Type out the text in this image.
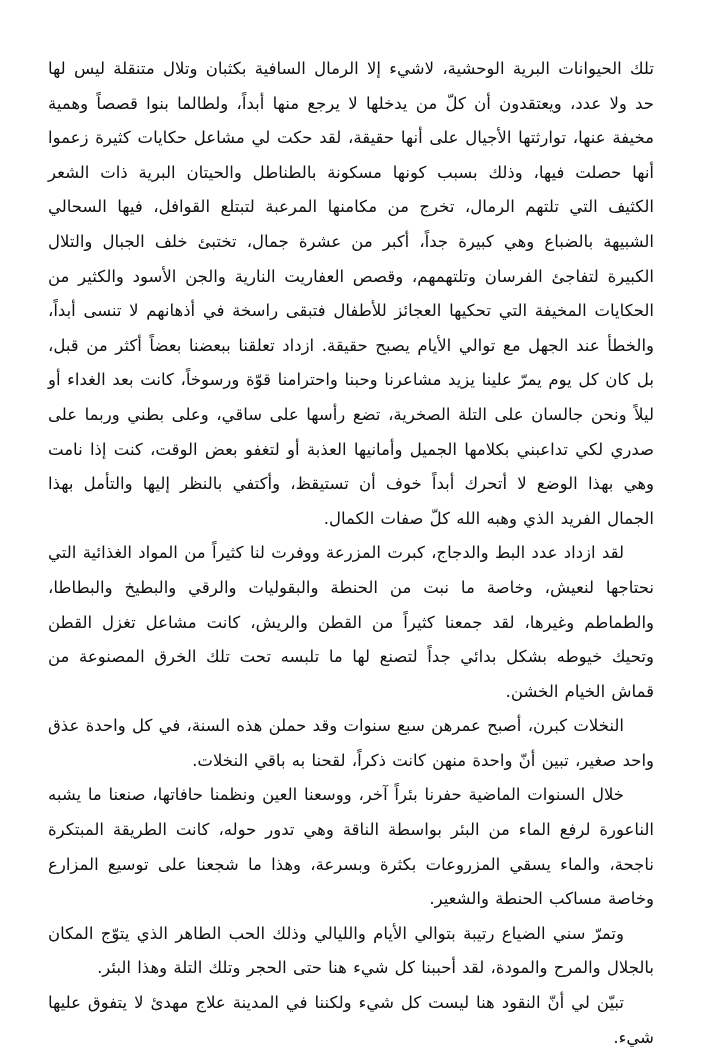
تلك الحيوانات البرية الوحشية، لاشيء إلا الرمال السافية بكثبان وتلال متنقلة ليس لها حد ولا عدد، ويعتقدون أن كلّ من يدخلها لا يرجع منها أبداً، ولطالما بنوا قصصاً وهمية مخيفة عنها، توارثتها الأجيال على أنها حقيقة، لقد حكت لي مشاعل حكايات كثيرة زعموا أنها حصلت فيها، وذلك بسبب كونها مسكونة بالطناطل والحيتان البرية ذات الشعر الكثيف التي تلتهم الرمال، تخرج من مكامنها المرعبة لتبتلع القوافل، فيها السحالي الشبيهة بالضباع وهي كبيرة جداً، أكبر من عشرة جمال، تختبئ خلف الجبال والتلال الكبيرة لتفاجئ الفرسان وتلتهمهم، وقصص العفاريت النارية والجن الأسود والكثير من الحكايات المخيفة التي تحكيها العجائز للأطفال فتبقى راسخة في أذهانهم لا تنسى أبداً، والخطأ عند الجهل مع توالي الأيام يصبح حقيقة. ازداد تعلقنا ببعضنا بعضاً أكثر من قبل، بل كان كل يوم يمرّ علينا يزيد مشاعرنا وحبنا واحترامنا قوّة ورسوخاً، كانت بعد الغداء أو ليلاً ونحن جالسان على التلة الصخرية، تضع رأسها على ساقي، وعلى بطني وربما على صدري لكي تداعبني بكلامها الجميل وأمانيها العذبة أو لتغفو بعض الوقت، كنت إذا نامت وهي بهذا الوضع لا أتحرك أبداً خوف أن تستيقظ، وأكتفي بالنظر إليها والتأمل بهذا الجمال الفريد الذي وهبه الله كلّ صفات الكمال.

لقد ازداد عدد البط والدجاج، كبرت المزرعة ووفرت لنا كثيراً من المواد الغذائية التي نحتاجها لنعيش، وخاصة ما نبت من الحنطة والبقوليات والرقي والبطيخ والبطاطا، والطماطم وغيرها، لقد جمعنا كثيراً من القطن والريش، كانت مشاعل تغزل القطن وتحيك خيوطه بشكل بدائي جداً لتصنع لها ما تلبسه تحت تلك الخرق المصنوعة من قماش الخيام الخشن.

النخلات كبرن، أصبح عمرهن سبع سنوات وقد حملن هذه السنة، في كل واحدة عذق واحد صغير، تبين أنّ واحدة منهن كانت ذكراً، لقحنا به باقي النخلات.

خلال السنوات الماضية حفرنا بئراً آخر، ووسعنا العين ونظمنا حافاتها، صنعنا ما يشبه الناعورة لرفع الماء من البئر بواسطة الناقة وهي تدور حوله، كانت الطريقة المبتكرة ناجحة، والماء يسقي المزروعات بكثرة وبسرعة، وهذا ما شجعنا على توسيع المزارع وخاصة مساكب الحنطة والشعير.

وتمرّ سني الضياع رتيبة بتوالي الأيام والليالي وذلك الحب الطاهر الذي يتوّج المكان بالجلال والمرح والمودة، لقد أحببنا كل شيء هنا حتى الحجر وتلك التلة وهذا البئر.

تبيّن لي أنّ النقود هنا ليست كل شيء ولكننا في المدينة علاج مهدئ لا يتفوق عليها شيء.
